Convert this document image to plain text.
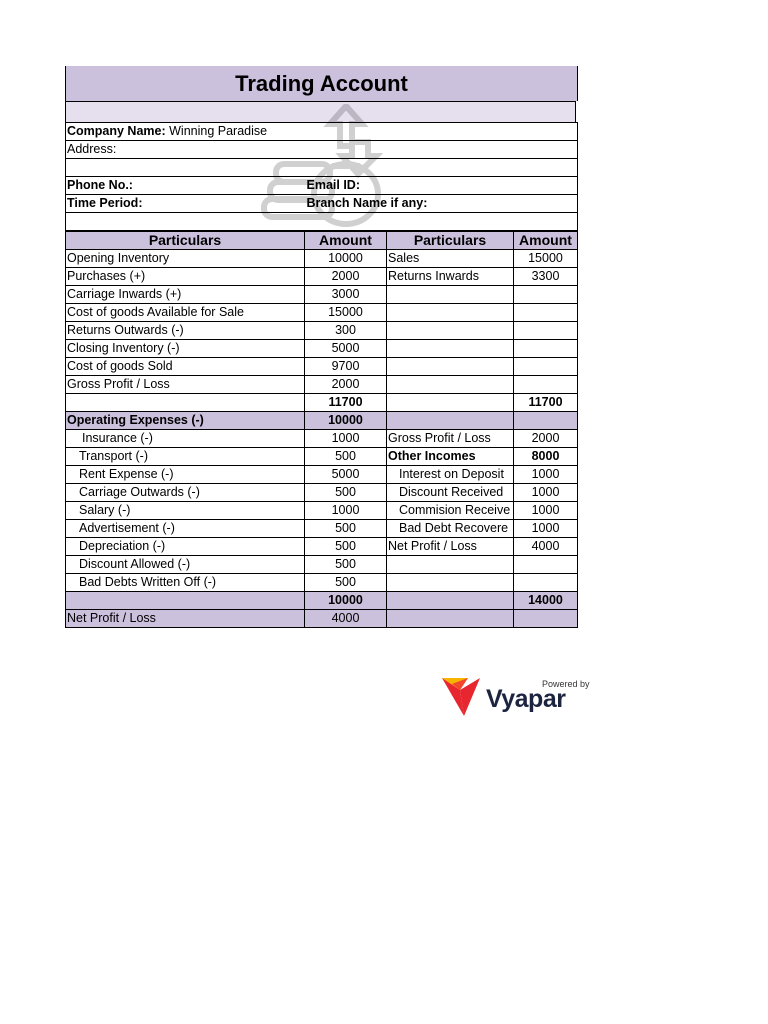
Trading Account
Company Name: Winning Paradise	
Address:	

Phone No.:	Email ID:
Time Period:	Branch Name if any:

Particulars	Amount	Particulars	Amount
Opening Inventory	10000	Sales	15000
Purchases (+)	2000	Returns Inwards	3300
Carriage Inwards (+)	3000		
Cost of goods Available for Sale	15000		
Returns Outwards (-)	300		
Closing Inventory (-)	5000		
Cost of goods Sold	9700		
Gross Profit / Loss	2000		
	11700		11700
Operating Expenses (-)	10000		
Insurance (-)	1000	Gross Profit / Loss	2000
Transport (-)	500	Other Incomes	8000
Rent Expense (-)	5000	Interest on Deposit	1000
Carriage Outwards (-)	500	Discount Received	1000
Salary (-)	1000	Commision Receive	1000
Advertisement (-)	500	Bad Debt Recovere	1000
Depreciation (-)	500	Net Profit / Loss	4000
Discount Allowed (-)	500		
Bad Debts Written Off (-)	500		
	10000		14000
Net Profit / Loss	4000		
Powered by
Vyapar
